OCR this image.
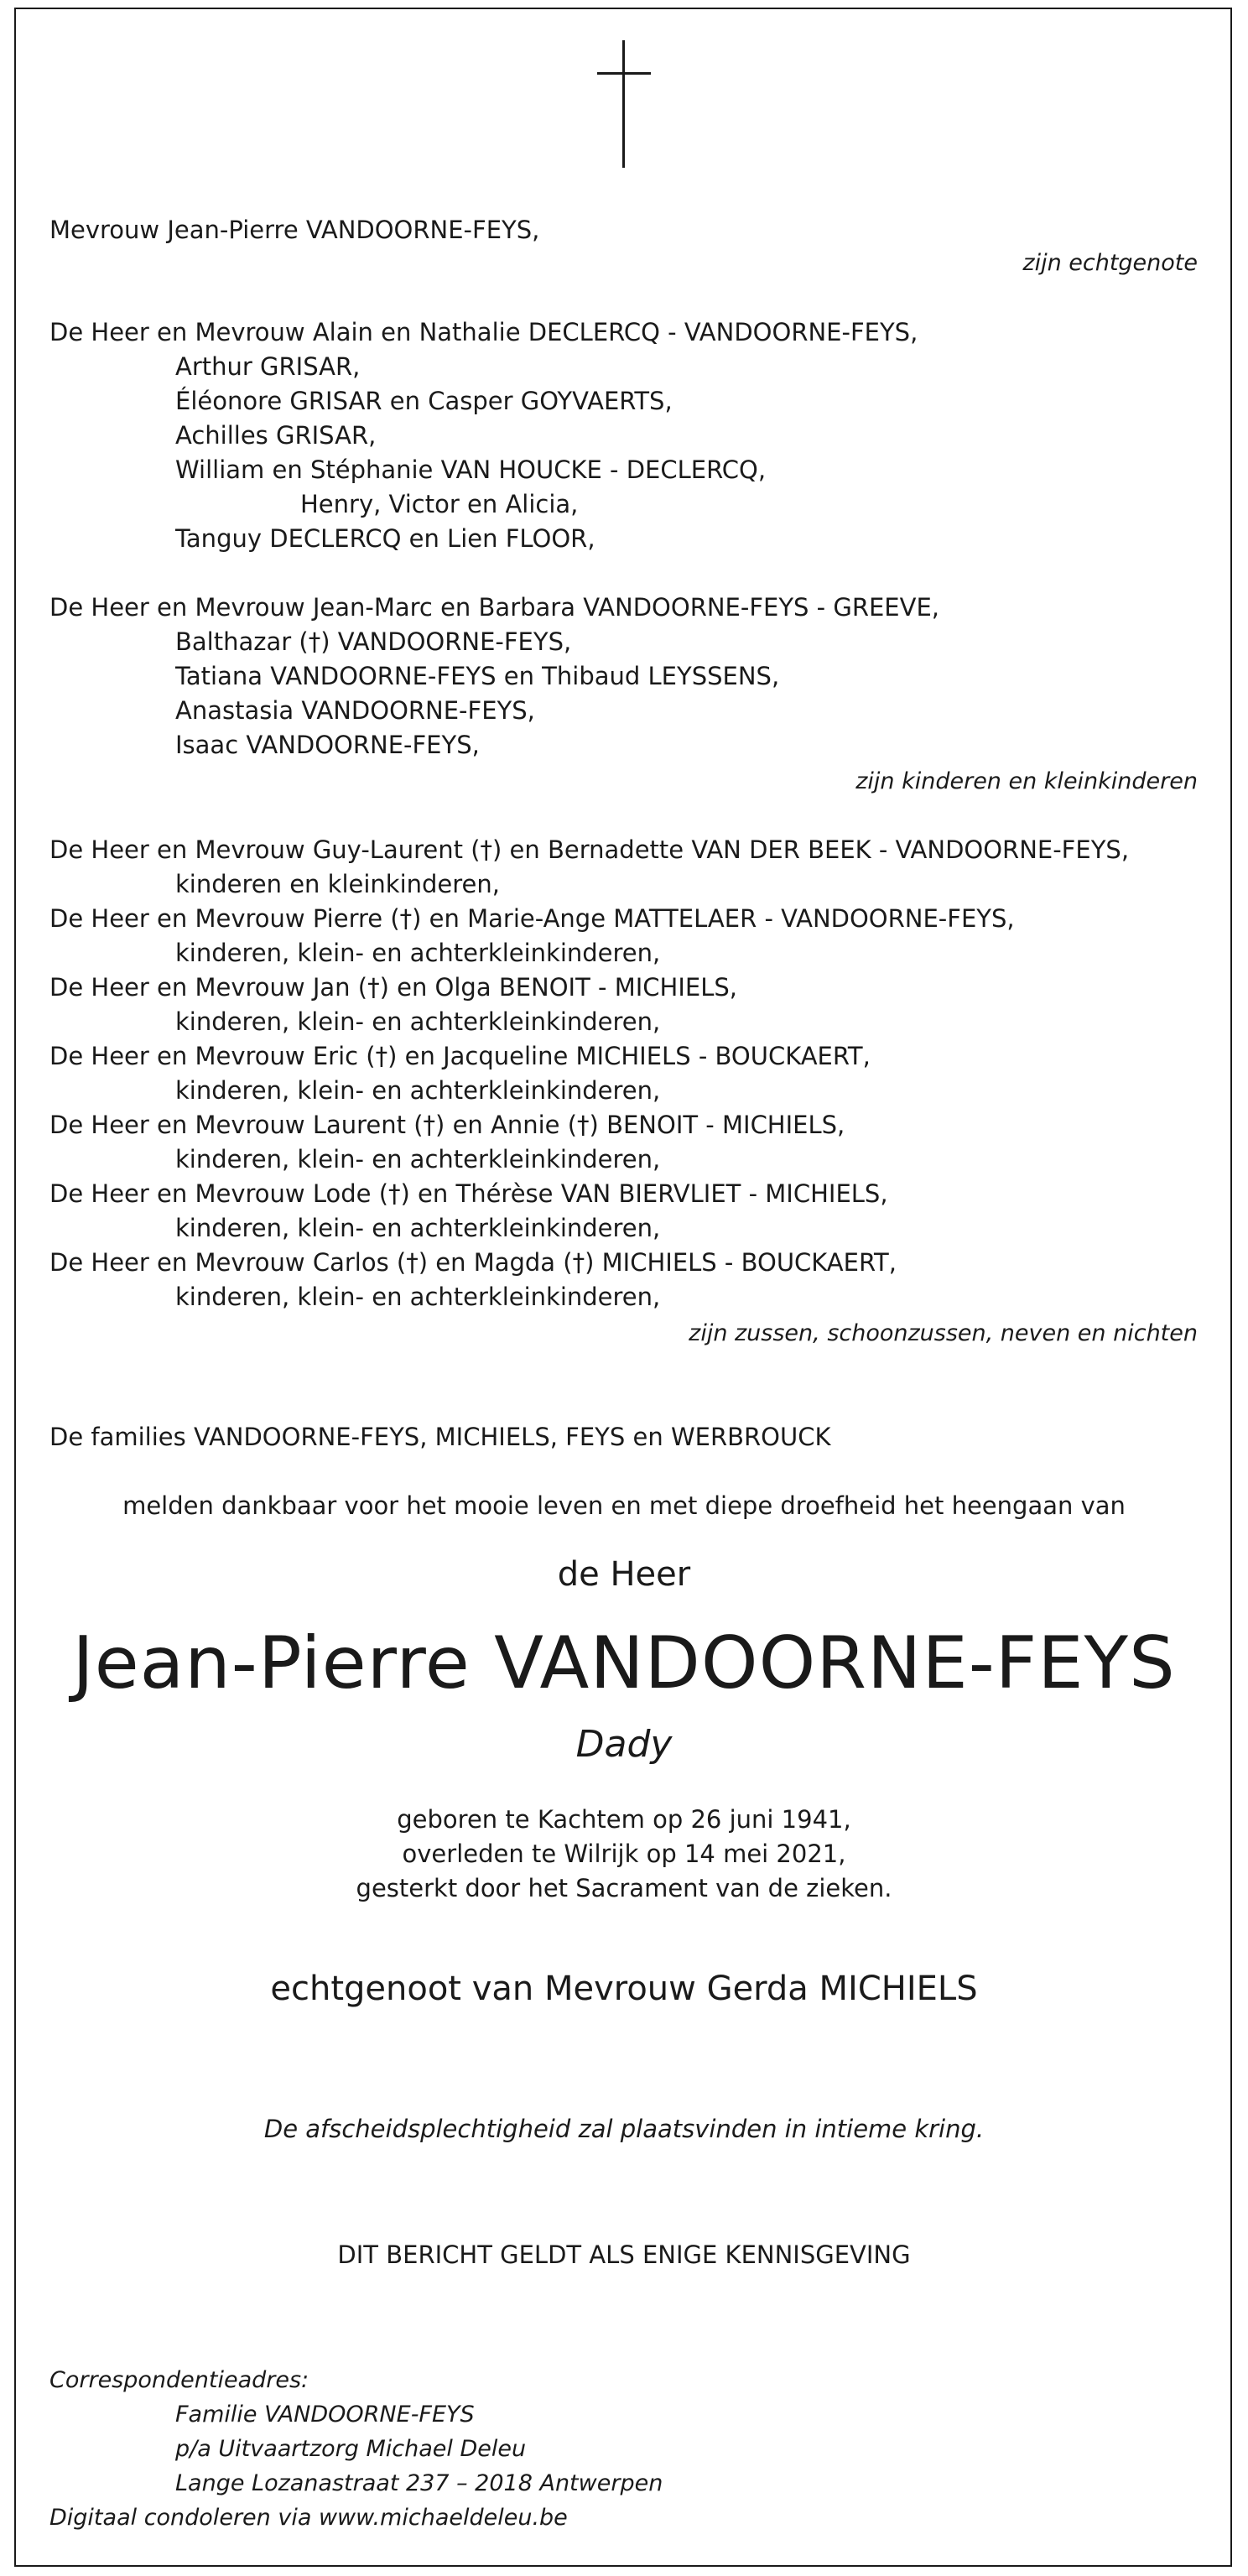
Mevrouw Jean-Pierre VANDOORNE-FEYS,
zijn echtgenote
De Heer en Mevrouw Alain en Nathalie DECLERCQ - VANDOORNE-FEYS,
Arthur GRISAR,
Éléonore GRISAR en Casper GOYVAERTS,
Achilles GRISAR,
William en Stéphanie VAN HOUCKE - DECLERCQ,
Henry, Victor en Alicia,
Tanguy DECLERCQ en Lien FLOOR,
De Heer en Mevrouw Jean-Marc en Barbara VANDOORNE-FEYS - GREEVE,
Balthazar (†) VANDOORNE-FEYS,
Tatiana VANDOORNE-FEYS en Thibaud LEYSSENS,
Anastasia VANDOORNE-FEYS,
Isaac VANDOORNE-FEYS,
zijn kinderen en kleinkinderen
De Heer en Mevrouw Guy-Laurent (†) en Bernadette VAN DER BEEK - VANDOORNE-FEYS,
kinderen en kleinkinderen,
De Heer en Mevrouw Pierre (†) en Marie-Ange MATTELAER - VANDOORNE-FEYS,
kinderen, klein- en achterkleinkinderen,
De Heer en Mevrouw Jan (†) en Olga BENOIT - MICHIELS,
kinderen, klein- en achterkleinkinderen,
De Heer en Mevrouw Eric (†) en Jacqueline MICHIELS - BOUCKAERT,
kinderen, klein- en achterkleinkinderen,
De Heer en Mevrouw Laurent (†) en Annie (†) BENOIT - MICHIELS,
kinderen, klein- en achterkleinkinderen,
De Heer en Mevrouw Lode (†) en Thérèse VAN BIERVLIET - MICHIELS,
kinderen, klein- en achterkleinkinderen,
De Heer en Mevrouw Carlos (†) en Magda (†) MICHIELS - BOUCKAERT,
kinderen, klein- en achterkleinkinderen,
zijn zussen, schoonzussen, neven en nichten
De families VANDOORNE-FEYS, MICHIELS, FEYS en WERBROUCK
melden dankbaar voor het mooie leven en met diepe droefheid het heengaan van
de Heer
Jean-Pierre VANDOORNE-FEYS
Dady
geboren te Kachtem op 26 juni 1941,
overleden te Wilrijk op 14 mei 2021,
gesterkt door het Sacrament van de zieken.
echtgenoot van Mevrouw Gerda MICHIELS
De afscheidsplechtigheid zal plaatsvinden in intieme kring.
DIT BERICHT GELDT ALS ENIGE KENNISGEVING
Correspondentieadres:
Familie VANDOORNE-FEYS
p/a Uitvaartzorg Michael Deleu
Lange Lozanastraat 237 – 2018 Antwerpen
Digitaal condoleren via www.michaeldeleu.be
